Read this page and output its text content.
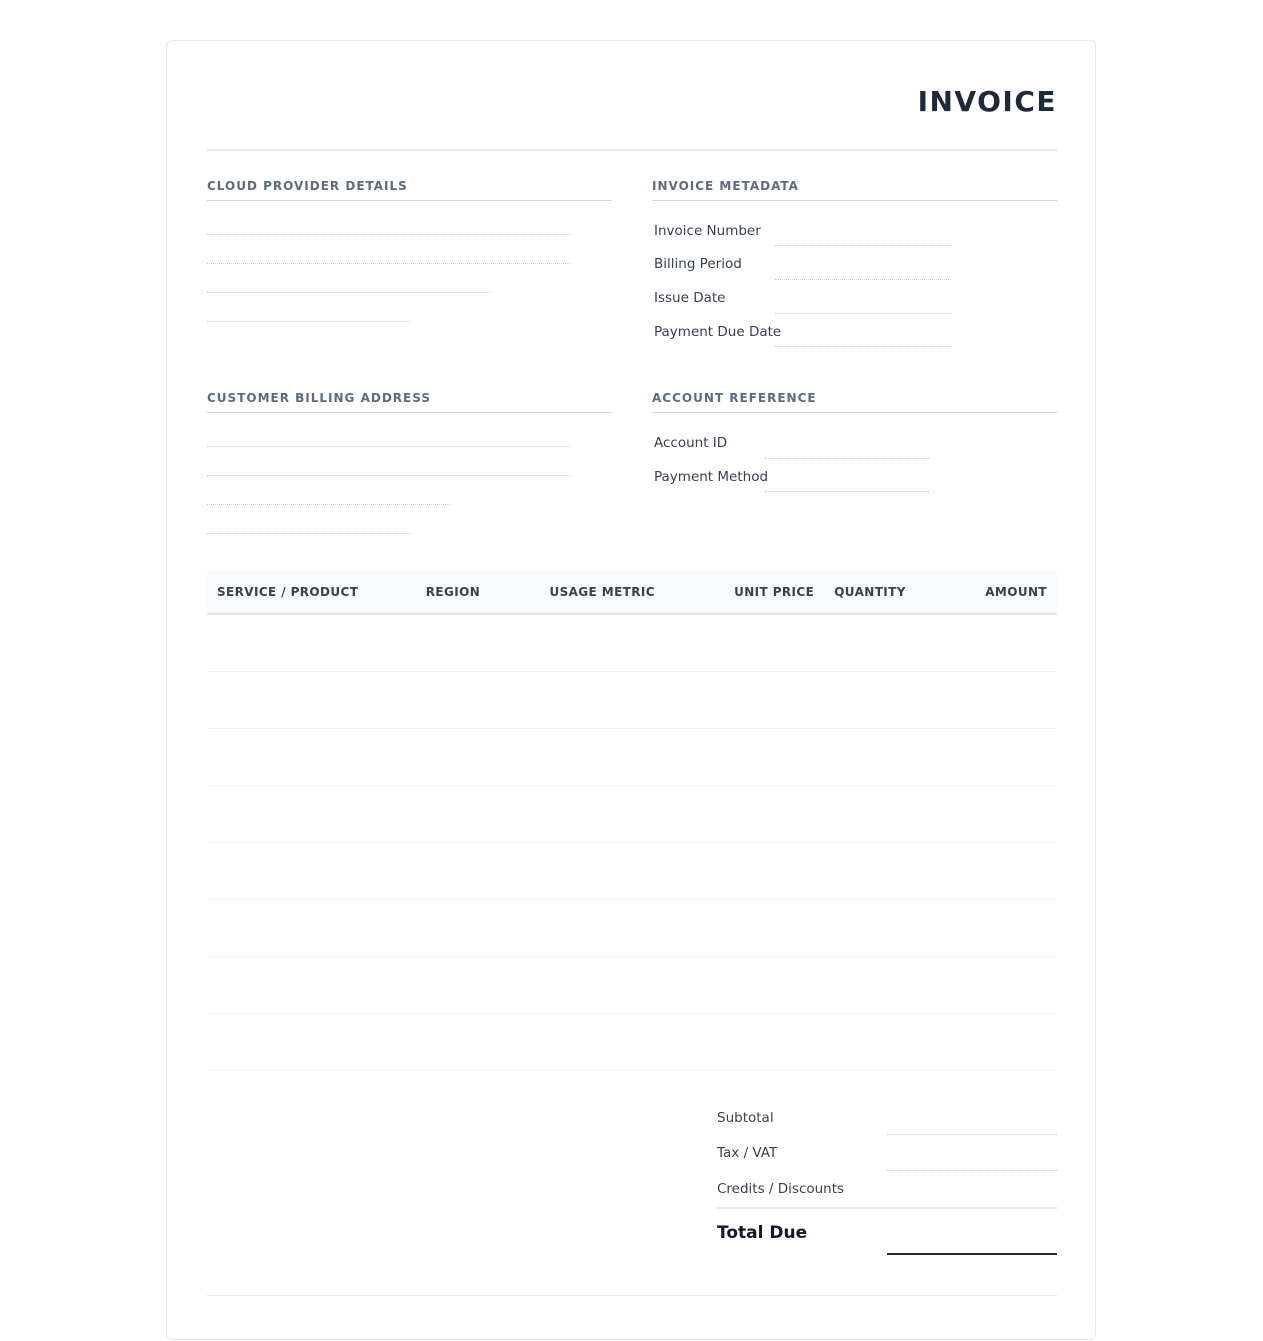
INVOICE
CLOUD PROVIDER DETAILS	INVOICE METADATA
Invoice Number
Billing Period
Issue Date
Payment Due Date
CUSTOMER BILLING ADDRESS	ACCOUNT REFERENCE
Account ID
Payment Method
SERVICE / PRODUCT	REGION	USAGE METRIC	UNIT PRICE	QUANTITY	AMOUNT

Subtotal
Tax / VAT
Credits / Discounts
Total Due
